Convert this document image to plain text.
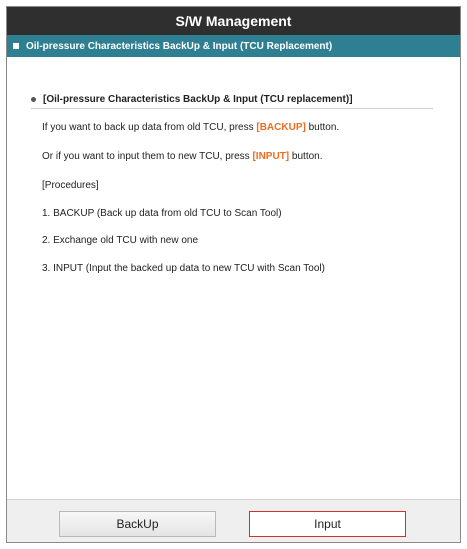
S/W Management
Oil-pressure Characteristics BackUp & Input (TCU Replacement)
[Oil-pressure Characteristics BackUp & Input (TCU replacement)]
If you want to back up data from old TCU, press [BACKUP] button.
Or if you want to input them to new TCU, press [INPUT] button.
[Procedures]
1. BACKUP (Back up data from old TCU to Scan Tool)
2. Exchange old TCU with new one
3. INPUT (Input the backed up data to new TCU with Scan Tool)
BackUp	Input
